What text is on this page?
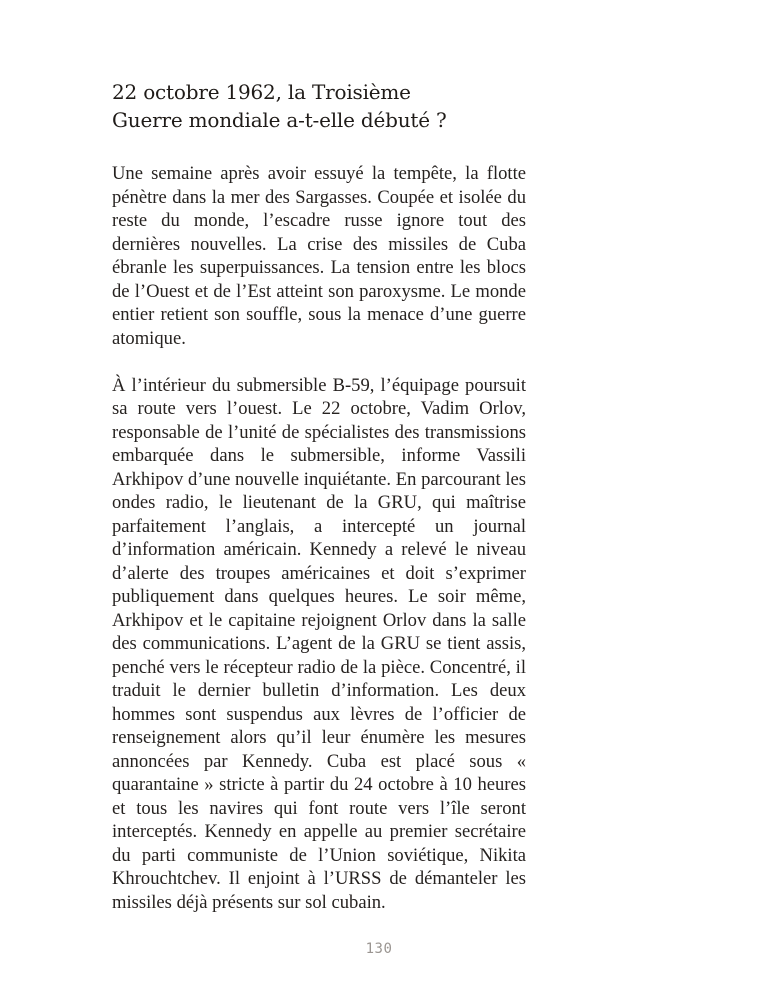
22 octobre 1962, la Troisième
Guerre mondiale a-t-elle débuté ?

Une semaine après avoir essuyé la tempête, la flotte pénètre dans la mer des Sargasses. Coupée et isolée du reste du monde, l’escadre russe ignore tout des dernières nouvelles. La crise des missiles de Cuba ébranle les superpuissances. La tension entre les blocs de l’Ouest et de l’Est atteint son paroxysme. Le monde entier retient son souffle, sous la menace d’une guerre atomique.

À l’intérieur du submersible B-59, l’équipage poursuit sa route vers l’ouest. Le 22 octobre, Vadim Orlov, responsable de l’unité de spécialistes des transmissions embarquée dans le submersible, informe Vassili Arkhipov d’une nouvelle inquiétante. En parcourant les ondes radio, le lieutenant de la GRU, qui maîtrise parfaitement l’anglais, a intercepté un journal d’information américain. Kennedy a relevé le niveau d’alerte des troupes américaines et doit s’exprimer publiquement dans quelques heures. Le soir même, Arkhipov et le capitaine rejoignent Orlov dans la salle des communications. L’agent de la GRU se tient assis, penché vers le récepteur radio de la pièce. Concentré, il traduit le dernier bulletin d’information. Les deux hommes sont suspendus aux lèvres de l’officier de renseignement alors qu’il leur énumère les mesures annoncées par Kennedy. Cuba est placé sous « quarantaine » stricte à partir du 24 octobre à 10 heures et tous les navires qui font route vers l’île seront interceptés. Kennedy en appelle au premier secrétaire du parti communiste de l’Union soviétique, Nikita Khrouchtchev. Il enjoint à l’URSS de démanteler les missiles déjà présents sur sol cubain.

130
